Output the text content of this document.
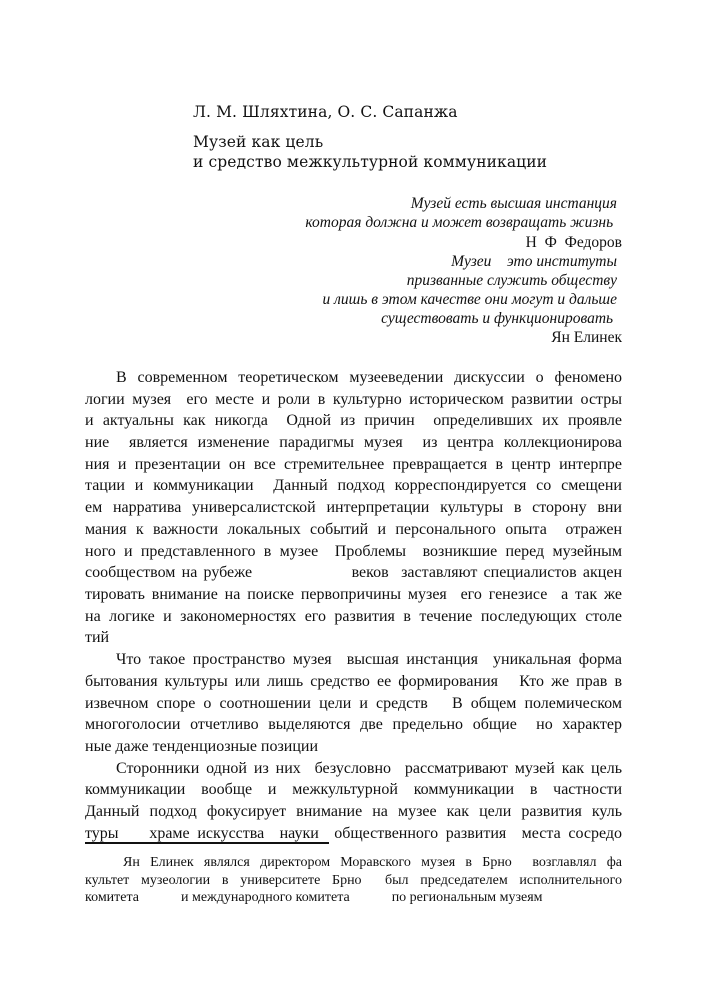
Л. М. Шляхтина, О. С. Сапанжа
Музей как цель
и средство межкультурной коммуникации
Музей есть высшая инстанция
которая должна и может возвращать жизнь
Н  Ф  Федоров
Музеи    это институты
призванные служить обществу
и лишь в этом качестве они могут и дальше
существовать и функционировать
Ян Елинек
В современном теоретическом музееведении дискуссии о феномено
логии музея  его месте и роли в культурно историческом развитии остры
и актуальны как никогда  Одной из причин  определивших их проявле
ние  является изменение парадигмы музея  из центра коллекционирова
ния и презентации он все стремительнее превращается в центр интерпре
тации и коммуникации  Данный подход корреспондируется со смещени
ем нарратива универсалистской интерпретации культуры в сторону вни
мания к важности локальных событий и персонального опыта  отражен
ного и представленного в музее  Проблемы  возникшие перед музейным
сообществом на рубеже                веков  заставляют специалистов акцен
тировать внимание на поиске первопричины музея  его генезисе  а так же
на логике и закономерностях его развития в течение последующих столе
тий
Что такое пространство музея  высшая инстанция  уникальная форма
бытования культуры или лишь средство ее формирования   Кто же прав в
извечном споре о соотношении цели и средств   В общем полемическом
многоголосии отчетливо выделяются две предельно общие  но характер
ные даже тенденциозные позиции
Сторонники одной из них  безусловно  рассматривают музей как цель
коммуникации  вообще  и  межкультурной  коммуникации  в  частности
Данный подход фокусирует внимание на музее как цели развития куль
туры    храме искусства  науки  общественного развития  места сосредо
Ян Елинек являлся директором Моравского музея в Брно  возглавлял фа
культет музеологии в университете Брно  был председателем исполнительного
комитета            и международного комитета            по региональным музеям
